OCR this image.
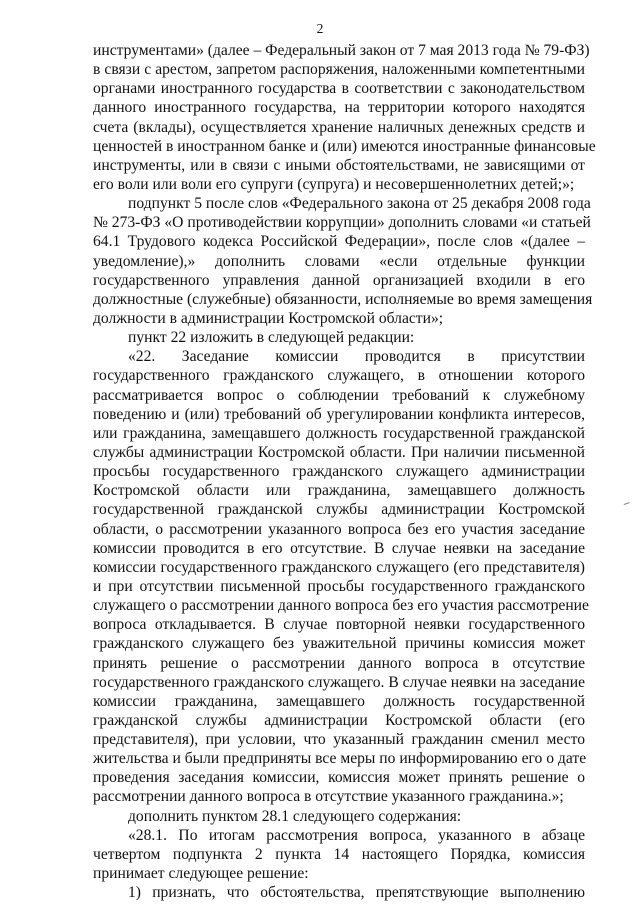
2
инструментами» (далее – Федеральный закон от 7 мая 2013 года № 79-ФЗ)
в связи с арестом, запретом распоряжения, наложенными компетентными
органами иностранного государства в соответствии с законодательством
данного иностранного государства, на территории которого находятся
счета (вклады), осуществляется хранение наличных денежных средств и
ценностей в иностранном банке и (или) имеются иностранные финансовые
инструменты, или в связи с иными обстоятельствами, не зависящими от
его воли или воли его супруги (супруга) и несовершеннолетних детей;»;
подпункт 5 после слов «Федерального закона от 25 декабря 2008 года
№ 273-ФЗ «О противодействии коррупции» дополнить словами «и статьей
64.1 Трудового кодекса Российской Федерации», после слов «(далее –
уведомление),» дополнить словами «если отдельные функции
государственного управления данной организацией входили в его
должностные (служебные) обязанности, исполняемые во время замещения
должности в администрации Костромской области»;
пункт 22 изложить в следующей редакции:
«22. Заседание комиссии проводится в присутствии
государственного гражданского служащего, в отношении которого
рассматривается вопрос о соблюдении требований к служебному
поведению и (или) требований об урегулировании конфликта интересов,
или гражданина, замещавшего должность государственной гражданской
службы администрации Костромской области. При наличии письменной
просьбы государственного гражданского служащего администрации
Костромской области или гражданина, замещавшего должность
государственной гражданской службы администрации Костромской
области, о рассмотрении указанного вопроса без его участия заседание
комиссии проводится в его отсутствие. В случае неявки на заседание
комиссии государственного гражданского служащего (его представителя)
и при отсутствии письменной просьбы государственного гражданского
служащего о рассмотрении данного вопроса без его участия рассмотрение
вопроса откладывается. В случае повторной неявки государственного
гражданского служащего без уважительной причины комиссия может
принять решение о рассмотрении данного вопроса в отсутствие
государственного гражданского служащего. В случае неявки на заседание
комиссии гражданина, замещавшего должность государственной
гражданской службы администрации Костромской области (его
представителя), при условии, что указанный гражданин сменил место
жительства и были предприняты все меры по информированию его о дате
проведения заседания комиссии, комиссия может принять решение о
рассмотрении данного вопроса в отсутствие указанного гражданина.»;
дополнить пунктом 28.1 следующего содержания:
«28.1. По итогам рассмотрения вопроса, указанного в абзаце
четвертом подпункта 2 пункта 14 настоящего Порядка, комиссия
принимает следующее решение:
1) признать, что обстоятельства, препятствующие выполнению
